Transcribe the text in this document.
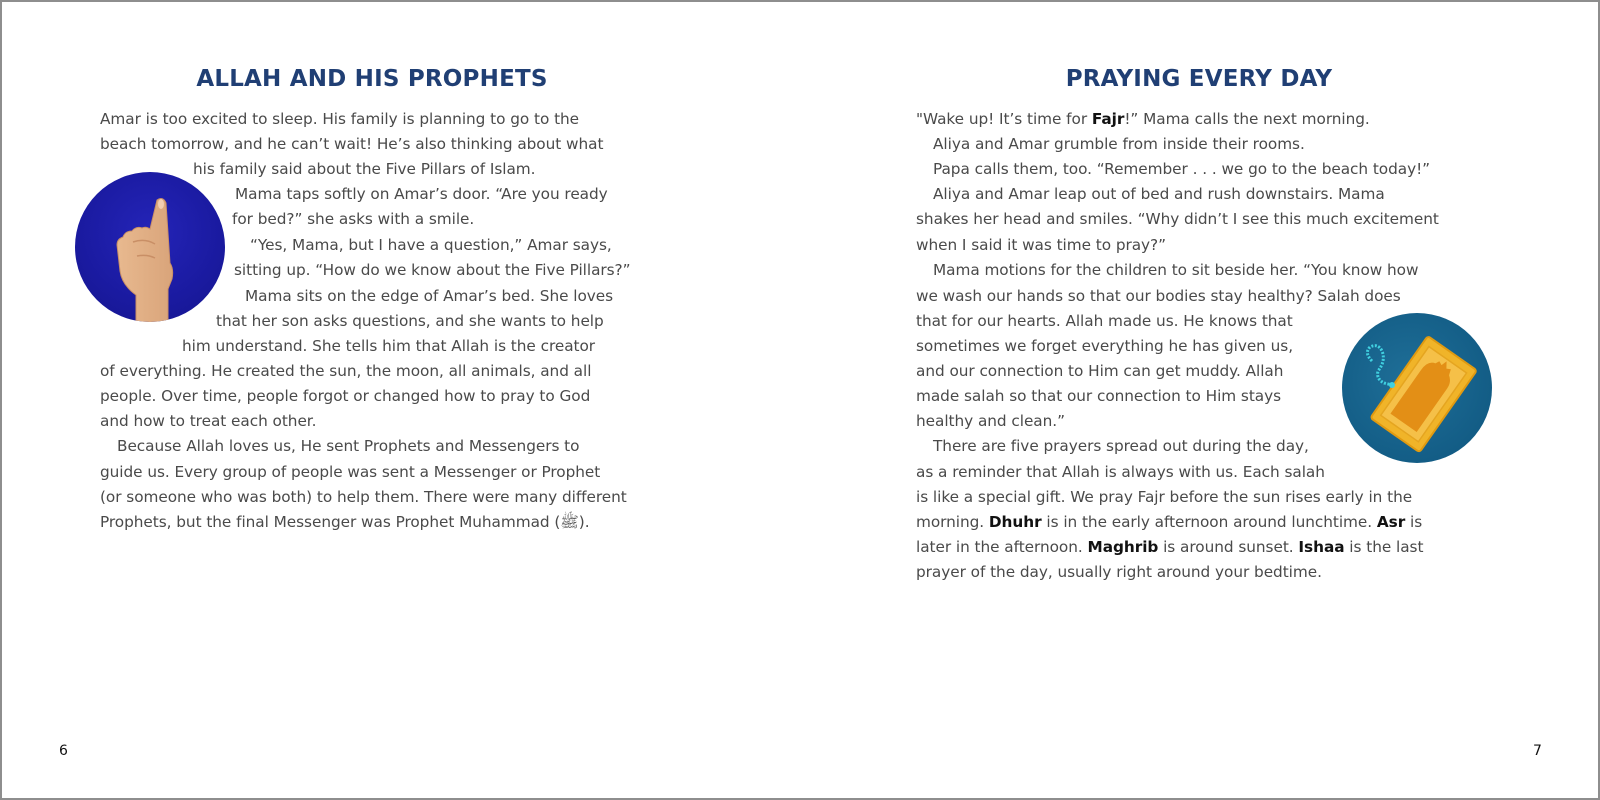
ALLAH AND HIS PROPHETS
Amar is too excited to sleep. His family is planning to go to the
beach tomorrow, and he can’t wait! He’s also thinking about what
his family said about the Five Pillars of Islam.
Mama taps softly on Amar’s door. “Are you ready
for bed?” she asks with a smile.
“Yes, Mama, but I have a question,” Amar says,
sitting up. “How do we know about the Five Pillars?”
Mama sits on the edge of Amar’s bed. She loves
that her son asks questions, and she wants to help
him understand. She tells him that Allah is the creator
of everything. He created the sun, the moon, all animals, and all
people. Over time, people forgot or changed how to pray to God
and how to treat each other.
Because Allah loves us, He sent Prophets and Messengers to
guide us. Every group of people was sent a Messenger or Prophet
(or someone who was both) to help them. There were many different
Prophets, but the final Messenger was Prophet Muhammad (ﷺ).
6
PRAYING EVERY DAY
"Wake up! It’s time for Fajr!” Mama calls the next morning.
Aliya and Amar grumble from inside their rooms.
Papa calls them, too. “Remember . . . we go to the beach today!”
Aliya and Amar leap out of bed and rush downstairs. Mama
shakes her head and smiles. “Why didn’t I see this much excitement
when I said it was time to pray?”
Mama motions for the children to sit beside her. “You know how
we wash our hands so that our bodies stay healthy? Salah does
that for our hearts. Allah made us. He knows that
sometimes we forget everything he has given us,
and our connection to Him can get muddy. Allah
made salah so that our connection to Him stays
healthy and clean.”
There are five prayers spread out during the day,
as a reminder that Allah is always with us. Each salah
is like a special gift. We pray Fajr before the sun rises early in the
morning. Dhuhr is in the early afternoon around lunchtime. Asr is
later in the afternoon. Maghrib is around sunset. Ishaa is the last
prayer of the day, usually right around your bedtime.
7
